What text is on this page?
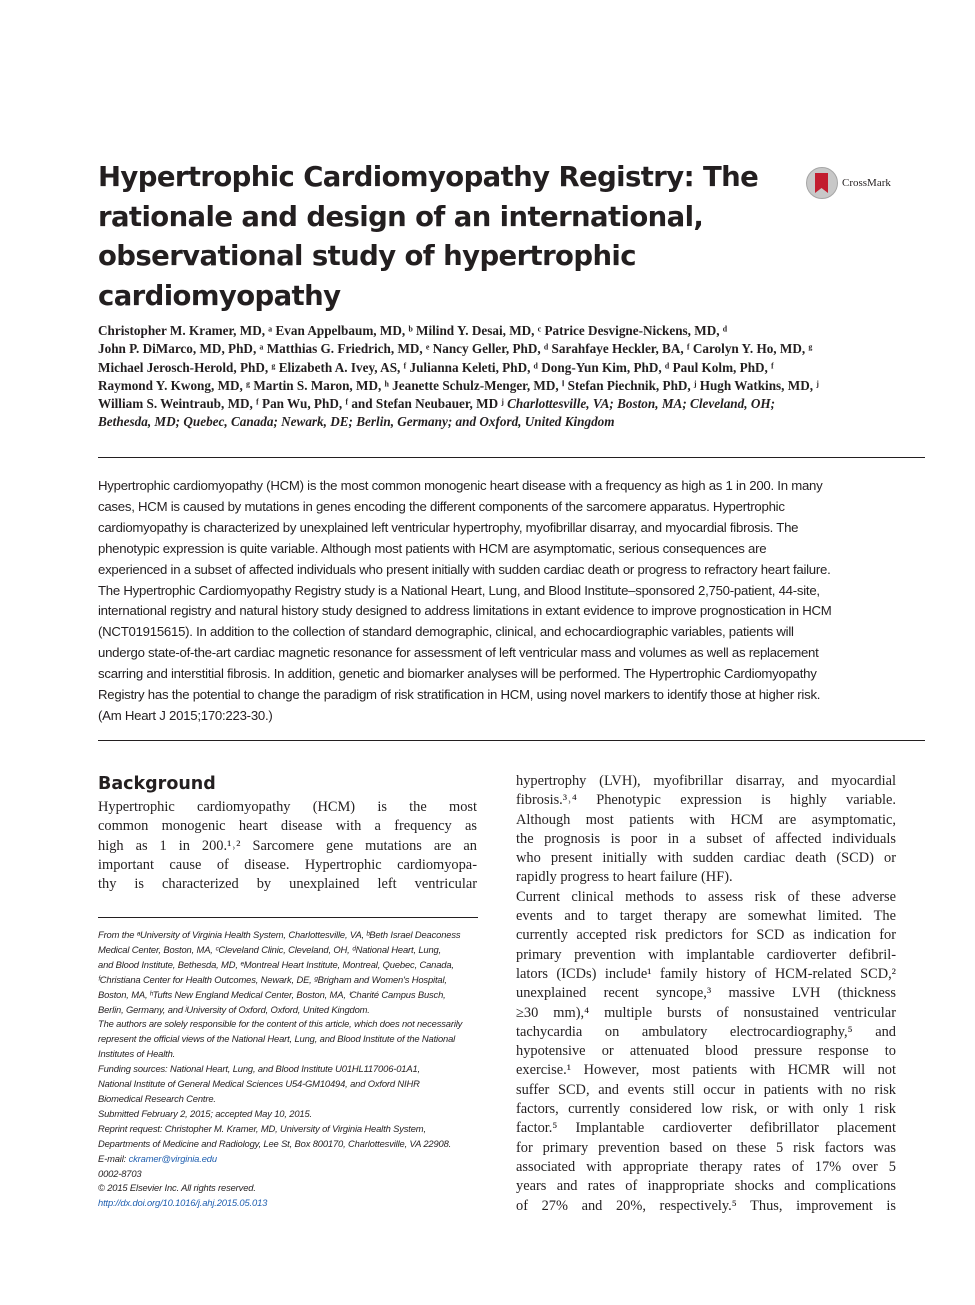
Hypertrophic Cardiomyopathy Registry: The
rationale and design of an international,
observational study of hypertrophic
cardiomyopathy
CrossMark
Christopher M. Kramer, MD, ᵃ Evan Appelbaum, MD, ᵇ Milind Y. Desai, MD, ᶜ Patrice Desvigne-Nickens, MD, ᵈ
John P. DiMarco, MD, PhD, ᵃ Matthias G. Friedrich, MD, ᵉ Nancy Geller, PhD, ᵈ Sarahfaye Heckler, BA, ᶠ Carolyn Y. Ho, MD, ᵍ
Michael Jerosch-Herold, PhD, ᵍ Elizabeth A. Ivey, AS, ᶠ Julianna Keleti, PhD, ᵈ Dong-Yun Kim, PhD, ᵈ Paul Kolm, PhD, ᶠ
Raymond Y. Kwong, MD, ᵍ Martin S. Maron, MD, ʰ Jeanette Schulz-Menger, MD, ⁱ Stefan Piechnik, PhD, ʲ Hugh Watkins, MD, ʲ
William S. Weintraub, MD, ᶠ Pan Wu, PhD, ᶠ and Stefan Neubauer, MD ʲ Charlottesville, VA; Boston, MA; Cleveland, OH;
Bethesda, MD; Quebec, Canada; Newark, DE; Berlin, Germany; and Oxford, United Kingdom
Hypertrophic cardiomyopathy (HCM) is the most common monogenic heart disease with a frequency as high as 1 in 200. In many
cases, HCM is caused by mutations in genes encoding the different components of the sarcomere apparatus. Hypertrophic
cardiomyopathy is characterized by unexplained left ventricular hypertrophy, myofibrillar disarray, and myocardial fibrosis. The
phenotypic expression is quite variable. Although most patients with HCM are asymptomatic, serious consequences are
experienced in a subset of affected individuals who present initially with sudden cardiac death or progress to refractory heart failure.
The Hypertrophic Cardiomyopathy Registry study is a National Heart, Lung, and Blood Institute–sponsored 2,750-patient, 44-site,
international registry and natural history study designed to address limitations in extant evidence to improve prognostication in HCM
(NCT01915615). In addition to the collection of standard demographic, clinical, and echocardiographic variables, patients will
undergo state-of-the-art cardiac magnetic resonance for assessment of left ventricular mass and volumes as well as replacement
scarring and interstitial fibrosis. In addition, genetic and biomarker analyses will be performed. The Hypertrophic Cardiomyopathy
Registry has the potential to change the paradigm of risk stratification in HCM, using novel markers to identify those at higher risk.
(Am Heart J 2015;170:223-30.)
Background
Hypertrophic cardiomyopathy (HCM) is the most
common monogenic heart disease with a frequency as
high as 1 in 200.¹˒² Sarcomere gene mutations are an
important cause of disease. Hypertrophic cardiomyopa-
thy is characterized by unexplained left ventricular
hypertrophy (LVH), myofibrillar disarray, and myocardial
fibrosis.³˒⁴ Phenotypic expression is highly variable.
Although most patients with HCM are asymptomatic,
the prognosis is poor in a subset of affected individuals
who present initially with sudden cardiac death (SCD) or
rapidly progress to heart failure (HF).
Current clinical methods to assess risk of these adverse
events and to target therapy are somewhat limited. The
currently accepted risk predictors for SCD as indication for
primary prevention with implantable cardioverter defibril-
lators (ICDs) include¹ family history of HCM-related SCD,²
unexplained recent syncope,³ massive LVH (thickness
≥30 mm),⁴ multiple bursts of nonsustained ventricular
tachycardia on ambulatory electrocardiography,⁵ and
hypotensive or attenuated blood pressure response to
exercise.¹ However, most patients with HCMR will not
suffer SCD, and events still occur in patients with no risk
factors, currently considered low risk, or with only 1 risk
factor.⁵ Implantable cardioverter defibrillator placement
for primary prevention based on these 5 risk factors was
associated with appropriate therapy rates of 17% over 5
years and rates of inappropriate shocks and complications
of 27% and 20%, respectively.⁵ Thus, improvement is
From the ᵃUniversity of Virginia Health System, Charlottesville, VA, ᵇBeth Israel Deaconess
Medical Center, Boston, MA, ᶜCleveland Clinic, Cleveland, OH, ᵈNational Heart, Lung,
and Blood Institute, Bethesda, MD, ᵉMontreal Heart Institute, Montreal, Quebec, Canada,
ᶠChristiana Center for Health Outcomes, Newark, DE, ᵍBrigham and Women's Hospital,
Boston, MA, ʰTufts New England Medical Center, Boston, MA, ⁱCharité Campus Busch,
Berlin, Germany, and ʲUniversity of Oxford, Oxford, United Kingdom.
The authors are solely responsible for the content of this article, which does not necessarily
represent the official views of the National Heart, Lung, and Blood Institute of the National
Institutes of Health.
Funding sources: National Heart, Lung, and Blood Institute U01HL117006-01A1,
National Institute of General Medical Sciences U54-GM10494, and Oxford NIHR
Biomedical Research Centre.
Submitted February 2, 2015; accepted May 10, 2015.
Reprint request: Christopher M. Kramer, MD, University of Virginia Health System,
Departments of Medicine and Radiology, Lee St, Box 800170, Charlottesville, VA 22908.
E-mail: ckramer@virginia.edu
0002-8703
© 2015 Elsevier Inc. All rights reserved.
http://dx.doi.org/10.1016/j.ahj.2015.05.013
